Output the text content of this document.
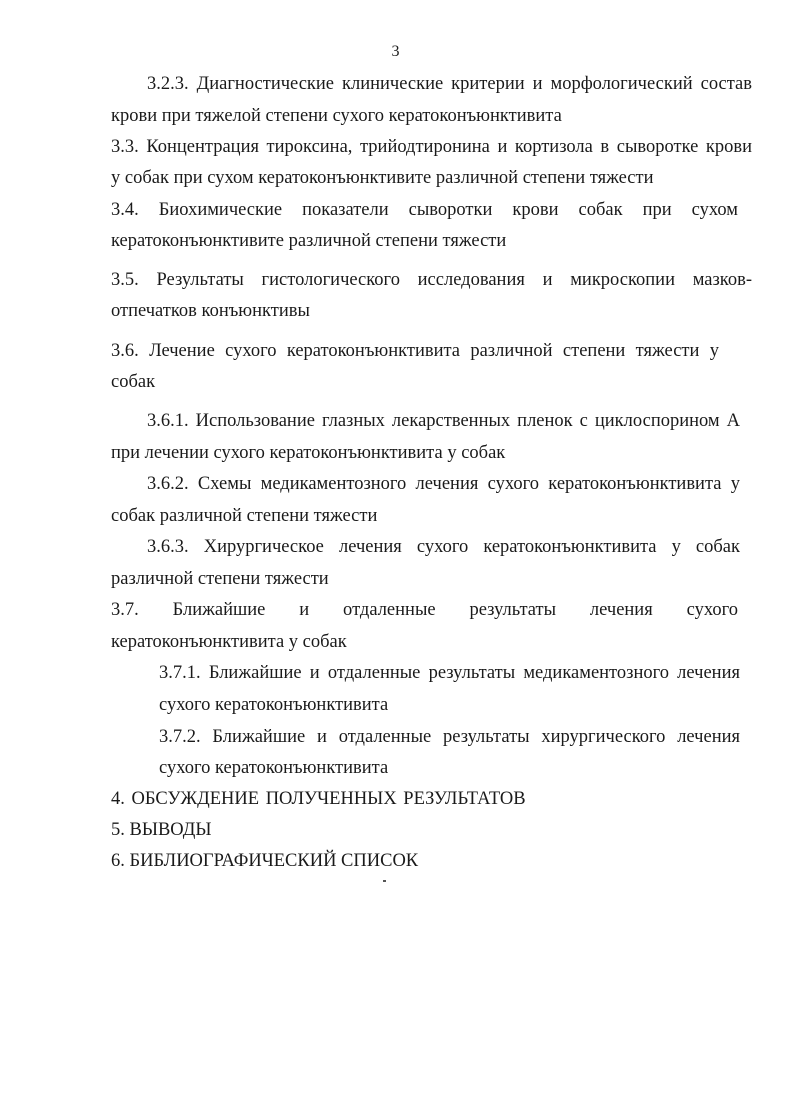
3
3.2.3. Диагностические клинические критерии и морфологический состав
крови при тяжелой степени сухого кератоконъюнктивита
3.3. Концентрация тироксина, трийодтиронина и кортизола в сыворотке крови
у собак при сухом кератоконъюнктивите различной степени тяжести
3.4. Биохимические показатели сыворотки крови собак при сухом
кератоконъюнктивите различной степени тяжести
3.5. Результаты гистологического исследования и микроскопии мазков-
отпечатков конъюнктивы
3.6. Лечение сухого кератоконъюнктивита различной степени тяжести у
собак
3.6.1. Использование глазных лекарственных пленок с циклоспорином А
при лечении сухого кератоконъюнктивита у собак
3.6.2. Схемы медикаментозного лечения сухого кератоконъюнктивита у
собак различной степени тяжести
3.6.3. Хирургическое лечения сухого кератоконъюнктивита у собак
различной степени тяжести
3.7. Ближайшие и отдаленные результаты лечения сухого
кератоконъюнктивита у собак
3.7.1. Ближайшие и отдаленные результаты медикаментозного лечения
сухого кератоконъюнктивита
3.7.2. Ближайшие и отдаленные результаты хирургического лечения
сухого кератоконъюнктивита
4. ОБСУЖДЕНИЕ ПОЛУЧЕННЫХ РЕЗУЛЬТАТОВ
5. ВЫВОДЫ
6. БИБЛИОГРАФИЧЕСКИЙ СПИСОК
